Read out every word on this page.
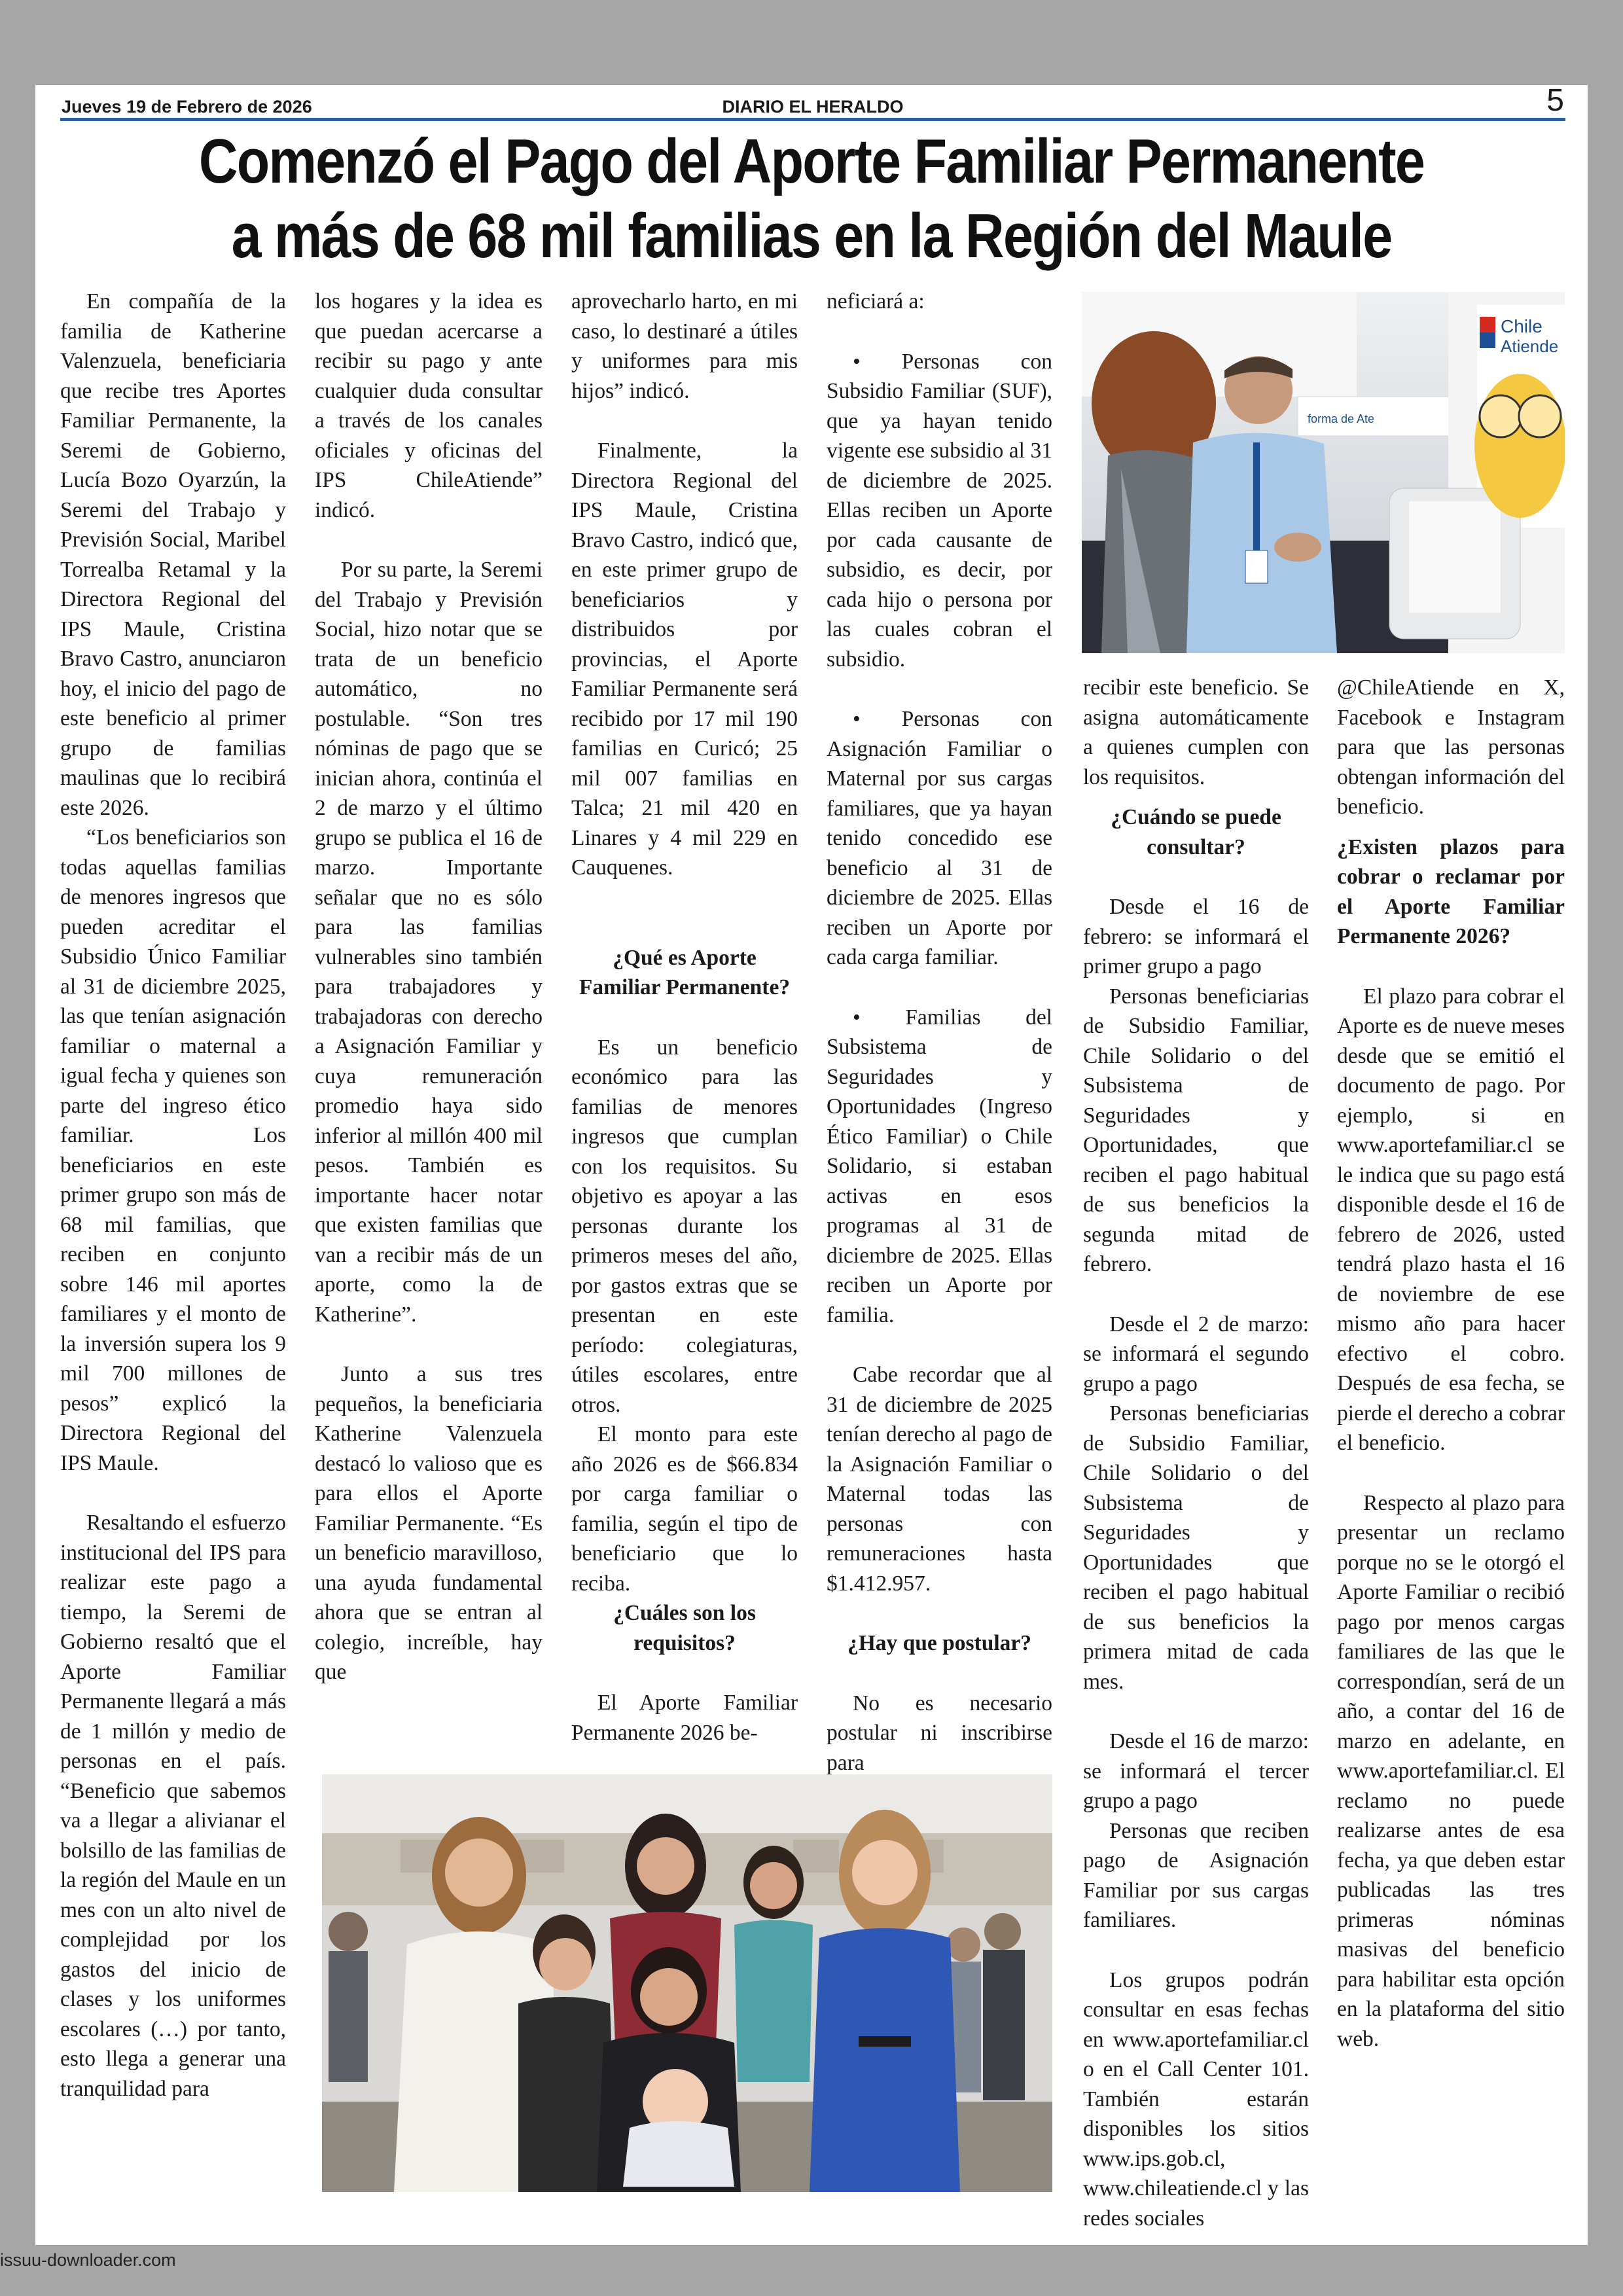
Jueves 19 de Febrero de 2026	DIARIO EL HERALDO	5
Comenzó el Pago del Aporte Familiar Permanente
a más de 68 mil familias en la Región del Maule

En compañía de la familia de Katherine Valenzuela, beneficiaria que recibe tres Aportes Familiar Permanente, la Seremi de Gobierno, Lucía Bozo Oyarzún, la Seremi del Trabajo y Previsión Social, Maribel Torrealba Retamal y la Directora Regional del IPS Maule, Cristina Bravo Castro, anunciaron hoy, el inicio del pago de este beneficio al primer grupo de familias maulinas que lo recibirá este 2026.

“Los beneficiarios son todas aquellas familias de menores ingresos que pueden acreditar el Subsidio Único Familiar al 31 de diciembre 2025, las que tenían asignación familiar o maternal a igual fecha y quienes son parte del ingreso ético familiar. Los beneficiarios en este primer grupo son más de 68 mil familias, que reciben en conjunto sobre 146 mil aportes familiares y el monto de la inversión supera los 9 mil 700 millones de pesos” explicó la Directora Regional del IPS Maule.

Resaltando el esfuerzo institucional del IPS para realizar este pago a tiempo, la Seremi de Gobierno resaltó que el Aporte Familiar Permanente llegará a más de 1 millón y medio de personas en el país. “Beneficio que sabemos va a llegar a alivianar el bolsillo de las familias de la región del Maule en un mes con un alto nivel de complejidad por los gastos del inicio de clases y los uniformes escolares (…) por tanto, esto llega a generar una tranquilidad para

los hogares y la idea es que puedan acercarse a recibir su pago y ante cualquier duda consultar a través de los canales oficiales y oficinas del IPS ChileAtiende” indicó.

Por su parte, la Seremi del Trabajo y Previsión Social, hizo notar que se trata de un beneficio automático, no postulable. “Son tres nóminas de pago que se inician ahora, continúa el 2 de marzo y el último grupo se publica el 16 de marzo. Importante señalar que no es sólo para las familias vulnerables sino también para trabajadores y trabajadoras con derecho a Asignación Familiar y cuya remuneración promedio haya sido inferior al millón 400 mil pesos. También es importante hacer notar que existen familias que van a recibir más de un aporte, como la de Katherine”.

Junto a sus tres pequeños, la beneficiaria Katherine Valenzuela destacó lo valioso que es para ellos el Aporte Familiar Permanente. “Es un beneficio maravilloso, una ayuda fundamental ahora que se entran al colegio, increíble, hay que

aprovecharlo harto, en mi caso, lo destinaré a útiles y uniformes para mis hijos” indicó.

Finalmente, la Directora Regional del IPS Maule, Cristina Bravo Castro, indicó que, en este primer grupo de beneficiarios y distribuidos por provincias, el Aporte Familiar Permanente será recibido por 17 mil 190 familias en Curicó; 25 mil 007 familias en Talca; 21 mil 420 en Linares y 4 mil 229 en Cauquenes.

¿Qué es Aporte Familiar Permanente?

Es un beneficio económico para las familias de menores ingresos que cumplan con los requisitos. Su objetivo es apoyar a las personas durante los primeros meses del año, por gastos extras que se presentan en este período: colegiaturas, útiles escolares, entre otros.

El monto para este año 2026 es de $66.834 por carga familiar o familia, según el tipo de beneficiario que lo reciba.

¿Cuáles son los requisitos?

El Aporte Familiar Permanente 2026 be-

neficiará a:

• Personas con Subsidio Familiar (SUF), que ya hayan tenido vigente ese subsidio al 31 de diciembre de 2025. Ellas reciben un Aporte por cada causante de subsidio, es decir, por cada hijo o persona por las cuales cobran el subsidio.

• Personas con Asignación Familiar o Maternal por sus cargas familiares, que ya hayan tenido concedido ese beneficio al 31 de diciembre de 2025. Ellas reciben un Aporte por cada carga familiar.

• Familias del Subsistema de Seguridades y Oportunidades (Ingreso Ético Familiar) o Chile Solidario, si estaban activas en esos programas al 31 de diciembre de 2025. Ellas reciben un Aporte por familia.

Cabe recordar que al 31 de diciembre de 2025 tenían derecho al pago de la Asignación Familiar o Maternal todas las personas con remuneraciones hasta $1.412.957.

¿Hay que postular?

No es necesario postular ni inscribirse para

recibir este beneficio. Se asigna automáticamente a quienes cumplen con los requisitos.

¿Cuándo se puede consultar?

Desde el 16 de febrero: se informará el primer grupo a pago

Personas beneficiarias de Subsidio Familiar, Chile Solidario o del Subsistema de Seguridades y Oportunidades, que reciben el pago habitual de sus beneficios la segunda mitad de febrero.

Desde el 2 de marzo: se informará el segundo grupo a pago

Personas beneficiarias de Subsidio Familiar, Chile Solidario o del Subsistema de Seguridades y Oportunidades que reciben el pago habitual de sus beneficios la primera mitad de cada mes.

Desde el 16 de marzo: se informará el tercer grupo a pago

Personas que reciben pago de Asignación Familiar por sus cargas familiares.

Los grupos podrán consultar en esas fechas en www.aportefamiliar.cl o en el Call Center 101. También estarán disponibles los sitios www.ips.gob.cl, www.chileatiende.cl y las redes sociales

@ChileAtiende en X, Facebook e Instagram para que las personas obtengan información del beneficio.

¿Existen plazos para cobrar o reclamar por el Aporte Familiar Permanente 2026?

El plazo para cobrar el Aporte es de nueve meses desde que se emitió el documento de pago. Por ejemplo, si en www.aportefamiliar.cl se le indica que su pago está disponible desde el 16 de febrero de 2026, usted tendrá plazo hasta el 16 de noviembre de ese mismo año para hacer efectivo el cobro. Después de esa fecha, se pierde el derecho a cobrar el beneficio.

Respecto al plazo para presentar un reclamo porque no se le otorgó el Aporte Familiar o recibió pago por menos cargas familiares de las que le correspondían, será de un año, a contar del 16 de marzo en adelante, en www.aportefamiliar.cl. El reclamo no puede realizarse antes de esa fecha, ya que deben estar publicadas las tres primeras nóminas masivas del beneficio para habilitar esta opción en la plataforma del sitio web.

forma de Ate
Chile
Atiende
issuu-downloader.com
